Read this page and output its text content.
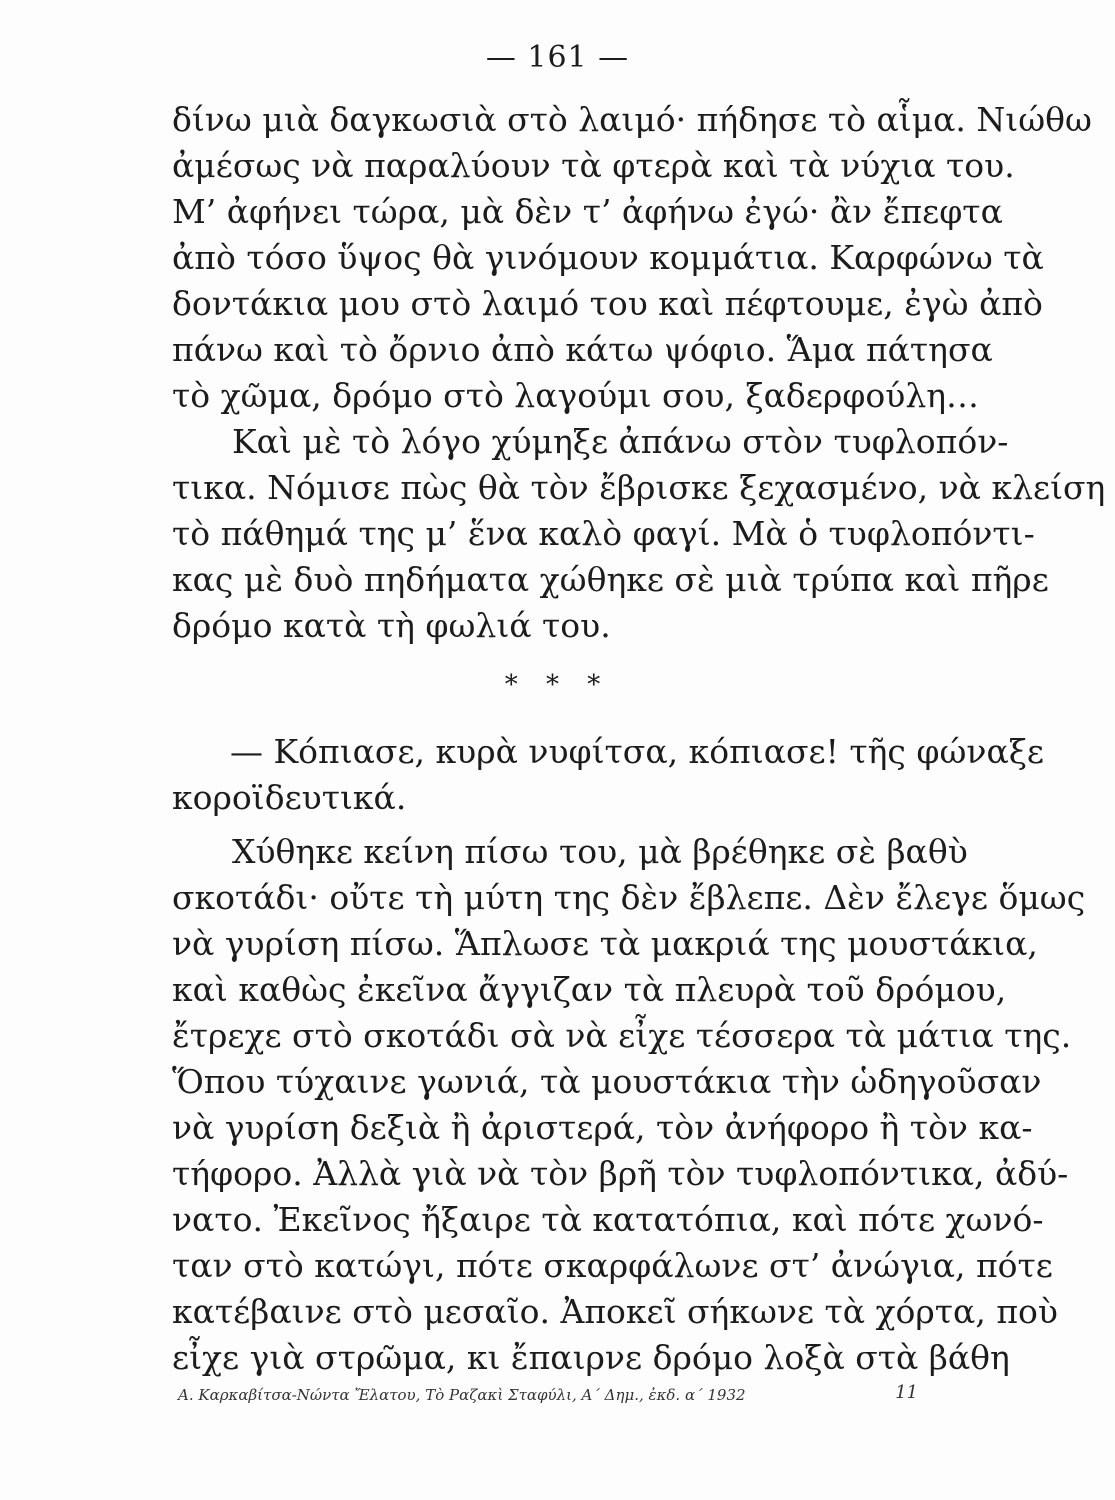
— 161 —
δίνω μιὰ δαγκωσιὰ στὸ λαιμό· πήδησε τὸ αἷμα. Νιώθω
ἀμέσως νὰ παραλύουν τὰ φτερὰ καὶ τὰ νύχια του.
Μ’ ἀφήνει τώρα, μὰ δὲν τ’ ἀφήνω ἐγώ· ἂν ἔπεφτα
ἀπὸ τόσο ὕψος θὰ γινόμουν κομμάτια. Καρφώνω τὰ
δοντάκια μου στὸ λαιμό του καὶ πέφτουμε, ἐγὼ ἀπὸ
πάνω καὶ τὸ ὄρνιο ἀπὸ κάτω ψόφιο. Ἅμα πάτησα
τὸ χῶμα, δρόμο στὸ λαγούμι σου, ξαδερφούλη…
Καὶ μὲ τὸ λόγο χύμηξε ἀπάνω στὸν τυφλοπόν-
τικα. Νόμισε πὼς θὰ τὸν ἔβρισκε ξεχασμένο, νὰ κλείση
τὸ πάθημά της μ’ ἕνα καλὸ φαγί. Μὰ ὁ τυφλοπόντι-
κας μὲ δυὸ πηδήματα χώθηκε σὲ μιὰ τρύπα καὶ πῆρε
δρόμο κατὰ τὴ φωλιά του.
* * *
— Κόπιασε, κυρὰ νυφίτσα, κόπιασε! τῆς φώναξε
κοροϊδευτικά.
Χύθηκε κείνη πίσω του, μὰ βρέθηκε σὲ βαθὺ
σκοτάδι· οὔτε τὴ μύτη της δὲν ἔβλεπε. Δὲν ἔλεγε ὅμως
νὰ γυρίση πίσω. Ἅπλωσε τὰ μακριά της μουστάκια,
καὶ καθὼς ἐκεῖνα ἄγγιζαν τὰ πλευρὰ τοῦ δρόμου,
ἔτρεχε στὸ σκοτάδι σὰ νὰ εἶχε τέσσερα τὰ μάτια της.
Ὅπου τύχαινε γωνιά, τὰ μουστάκια τὴν ὡδηγοῦσαν
νὰ γυρίση δεξιὰ ἢ ἀριστερά, τὸν ἀνήφορο ἢ τὸν κα-
τήφορο. Ἀλλὰ γιὰ νὰ τὸν βρῆ τὸν τυφλοπόντικα, ἀδύ-
νατο. Ἐκεῖνος ἤξαιρε τὰ κατατόπια, καὶ πότε χωνό-
ταν στὸ κατώγι, πότε σκαρφάλωνε στ’ ἀνώγια, πότε
κατέβαινε στὸ μεσαῖο. Ἀποκεῖ σήκωνε τὰ χόρτα, ποὺ
εἶχε γιὰ στρῶμα, κι ἔπαιρνε δρόμο λοξὰ στὰ βάθη
Α. Καρκαβίτσα-Νώντα Ἔλατου, Τὸ Ραζακὶ Σταφύλι, Α΄ Δημ., ἐκδ. α΄ 1932	11
